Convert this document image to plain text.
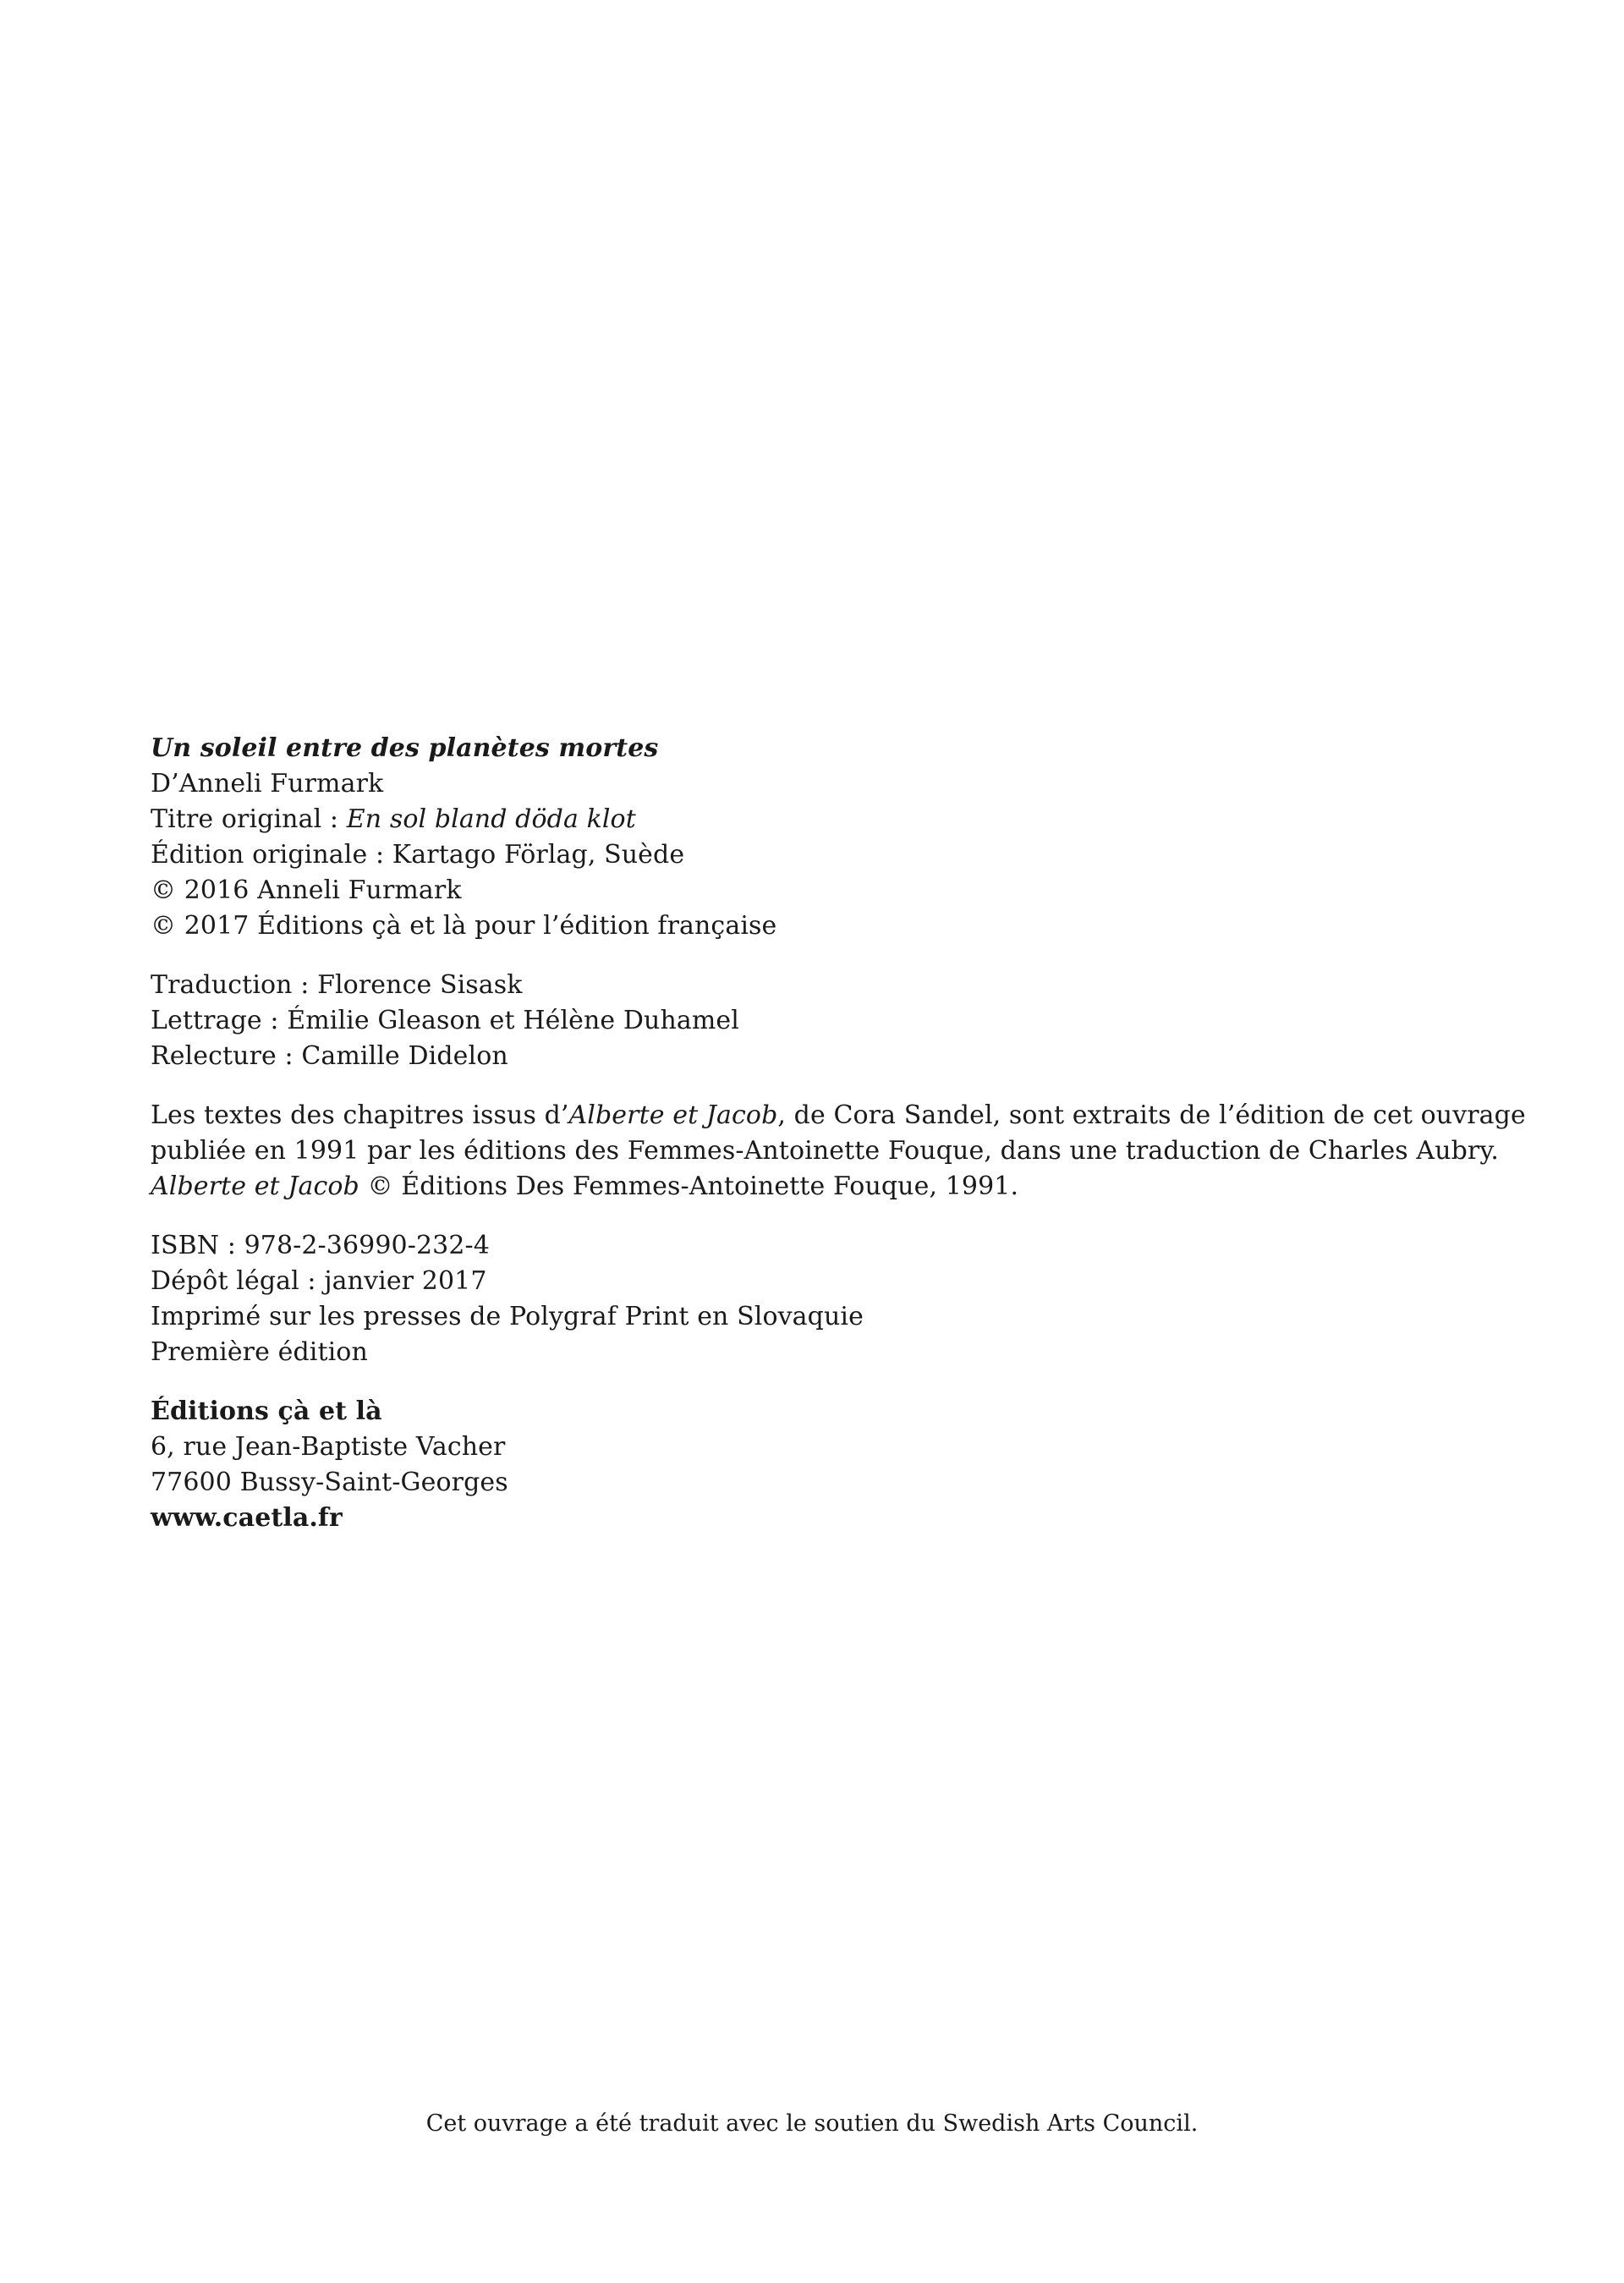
Un soleil entre des planètes mortes
D’Anneli Furmark
Titre original : En sol bland döda klot
Édition originale : Kartago Förlag, Suède
© 2016 Anneli Furmark
© 2017 Éditions çà et là pour l’édition française
Traduction : Florence Sisask
Lettrage : Émilie Gleason et Hélène Duhamel
Relecture : Camille Didelon
Les textes des chapitres issus d’Alberte et Jacob, de Cora Sandel, sont extraits de l’édition de cet ouvrage
publiée en 1991 par les éditions des Femmes-Antoinette Fouque, dans une traduction de Charles Aubry.
Alberte et Jacob © Éditions Des Femmes-Antoinette Fouque, 1991.
ISBN : 978-2-36990-232-4
Dépôt légal : janvier 2017
Imprimé sur les presses de Polygraf Print en Slovaquie
Première édition
Éditions çà et là
6, rue Jean-Baptiste Vacher
77600 Bussy-Saint-Georges
www.caetla.fr
Cet ouvrage a été traduit avec le soutien du Swedish Arts Council.
